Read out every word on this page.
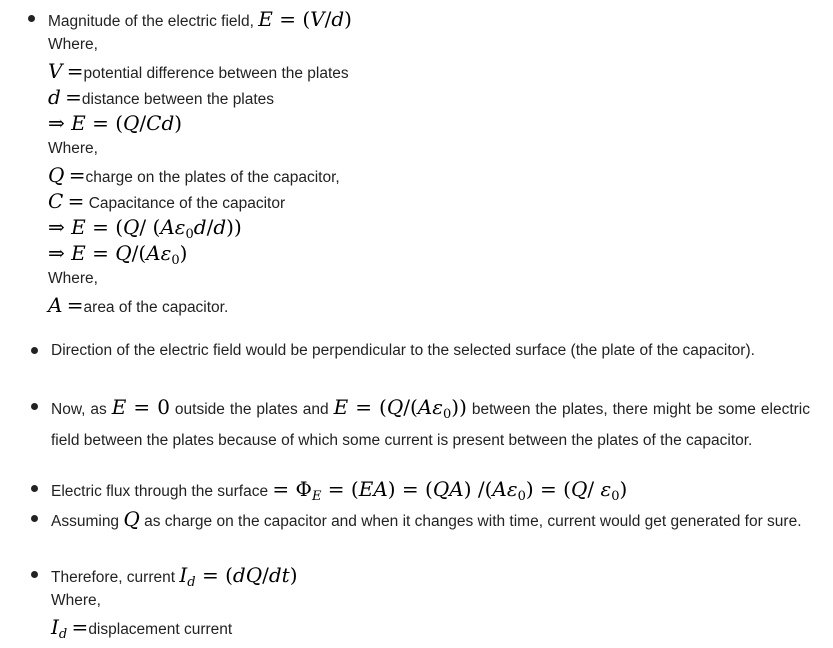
Magnitude of the electric field, E = (V/d)
Where,
V =potential difference between the plates
d =distance between the plates
⇒ E = (Q/Cd)
Where,
Q =charge on the plates of the capacitor,
C = Capacitance of the capacitor
⇒ E = (Q/ $(A\varepsilon_0d/d)$)
⇒ $E = Q/(A\varepsilon_0)$
Where,
A =area of the capacitor.
Direction of the electric field would be perpendicular to the selected surface (the plate of the capacitor).
Now, as E = 0 outside the plates and $E = (Q/(A\varepsilon_0))$ between the plates, there might be some electric field between the plates because of which some current is present between the plates of the capacitor.
Electric flux through the surface = $\Phi_E = (EA) = (QA) /(A\varepsilon_0) = (Q/$ $\varepsilon_0$)
Assuming Q as charge on the capacitor and when it changes with time, current would get generated for sure.
Therefore, current $I_d = (dQ/dt)$
Where,
$I_d$ =displacement current
